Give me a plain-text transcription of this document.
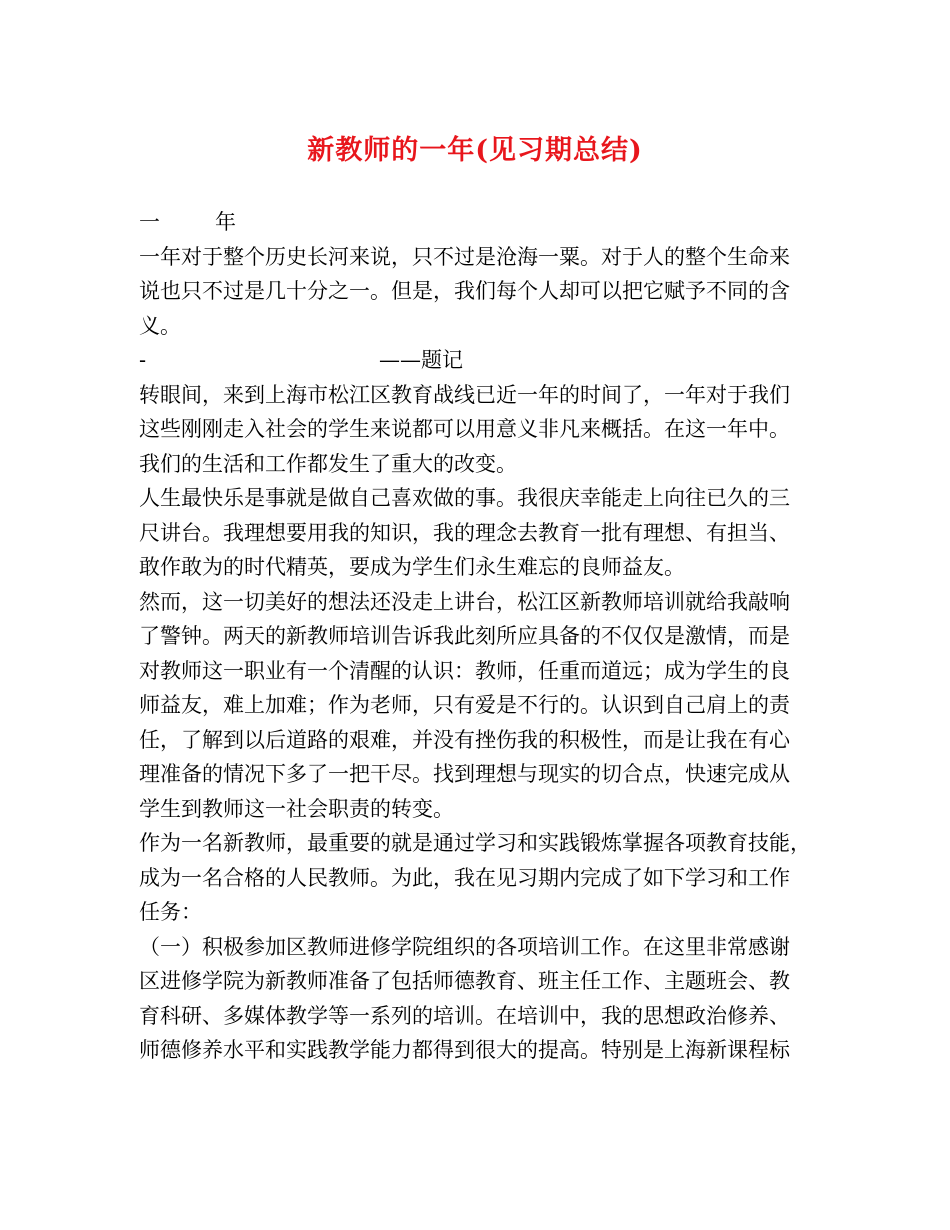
新教师的一年(见习期总结)
一	年
一年对于整个历史长河来说，只不过是沧海一粟。对于人的整个生命来
说也只不过是几十分之一。但是，我们每个人却可以把它赋予不同的含
义。
-	——题记
转眼间，来到上海市松江区教育战线已近一年的时间了，一年对于我们
这些刚刚走入社会的学生来说都可以用意义非凡来概括。在这一年中。
我们的生活和工作都发生了重大的改变。
人生最快乐是事就是做自己喜欢做的事。我很庆幸能走上向往已久的三
尺讲台。我理想要用我的知识，我的理念去教育一批有理想、有担当、
敢作敢为的时代精英，要成为学生们永生难忘的良师益友。
然而，这一切美好的想法还没走上讲台，松江区新教师培训就给我敲响
了警钟。两天的新教师培训告诉我此刻所应具备的不仅仅是激情，而是
对教师这一职业有一个清醒的认识：教师，任重而道远；成为学生的良
师益友，难上加难；作为老师，只有爱是不行的。认识到自己肩上的责
任，了解到以后道路的艰难，并没有挫伤我的积极性，而是让我在有心
理准备的情况下多了一把干尽。找到理想与现实的切合点，快速完成从
学生到教师这一社会职责的转变。
作为一名新教师，最重要的就是通过学习和实践锻炼掌握各项教育技能，
成为一名合格的人民教师。为此，我在见习期内完成了如下学习和工作
任务：
（一）积极参加区教师进修学院组织的各项培训工作。在这里非常感谢
区进修学院为新教师准备了包括师德教育、班主任工作、主题班会、教
育科研、多媒体教学等一系列的培训。在培训中，我的思想政治修养、
师德修养水平和实践教学能力都得到很大的提高。特别是上海新课程标
